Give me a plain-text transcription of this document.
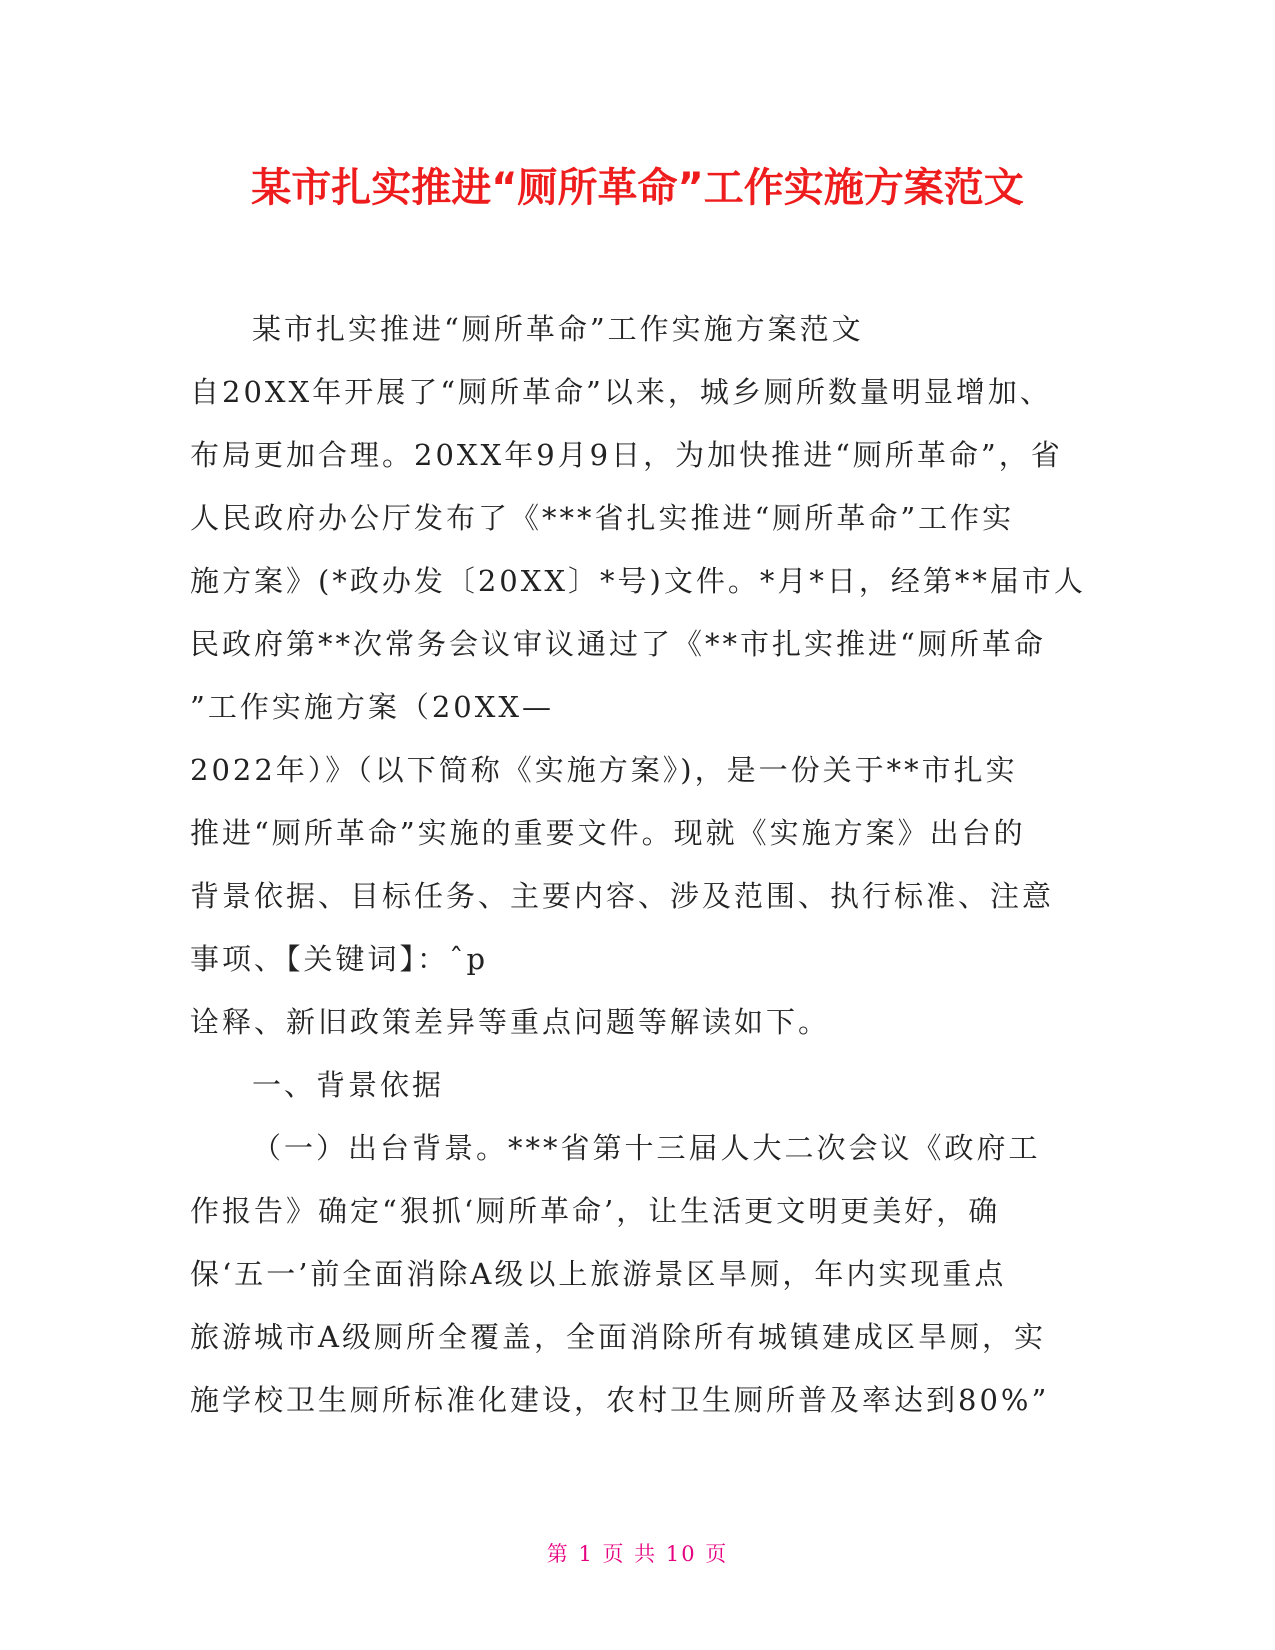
某市扎实推进“厕所革命”工作实施方案范文
某市扎实推进“厕所革命”工作实施方案范文
自20XX年开展了“厕所革命”以来，城乡厕所数量明显增加、
布局更加合理。20XX年9月9日，为加快推进“厕所革命”，省
人民政府办公厅发布了《***省扎实推进“厕所革命”工作实
施方案》(*政办发〔20XX〕*号)文件。*月*日，经第**届市人
民政府第**次常务会议审议通过了《**市扎实推进“厕所革命
”工作实施方案（20XX—
2022年）》（以下简称《实施方案》)，是一份关于**市扎实
推进“厕所革命”实施的重要文件。现就《实施方案》出台的
背景依据、目标任务、主要内容、涉及范围、执行标准、注意
事项、【关键词】：ˆp
诠释、新旧政策差异等重点问题等解读如下。
一、背景依据
（一）出台背景。***省第十三届人大二次会议《政府工
作报告》确定“狠抓‘厕所革命’，让生活更文明更美好，确
保‘五一’前全面消除A级以上旅游景区旱厕，年内实现重点
旅游城市A级厕所全覆盖，全面消除所有城镇建成区旱厕，实
施学校卫生厕所标准化建设，农村卫生厕所普及率达到80%”
第 1 页 共 10 页
